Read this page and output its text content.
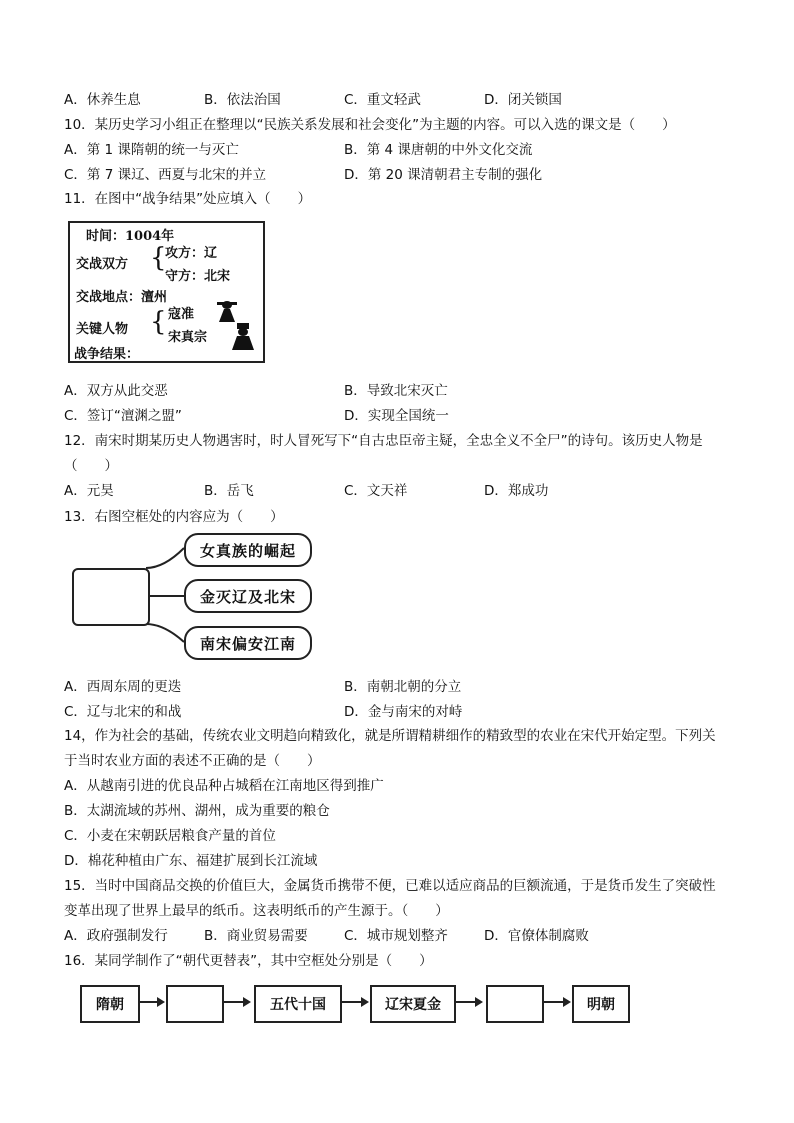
A．休养生息	B．依法治国	C．重文轻武	D．闭关锁国
10．某历史学习小组正在整理以“民族关系发展和社会变化”为主题的内容。可以入选的课文是（　　）
A．第 1 课隋朝的统一与灭亡	B．第 4 课唐朝的中外文化交流
C．第 7 课辽、西夏与北宋的并立	D．第 20 课清朝君主专制的强化
11．在图中“战争结果”处应填入（　　）
时间：1004年
交战双方 {
攻方：辽
守方：北宋
交战地点：澶州
关键人物 { 寇准
宋真宗
战争结果：
A．双方从此交恶	B．导致北宋灭亡
C．签订“澶渊之盟”	D．实现全国统一
12．南宋时期某历史人物遇害时，时人冒死写下“自古忠臣帝主疑，全忠全义不全尸”的诗句。该历史人物是
（　　）
A．元昊	B．岳飞	C．文天祥	D．郑成功
13．右图空框处的内容应为（　　）
女真族的崛起
金灭辽及北宋
南宋偏安江南
A．西周东周的更迭	B．南朝北朝的分立
C．辽与北宋的和战	D．金与南宋的对峙
14，作为社会的基础，传统农业文明趋向精致化，就是所谓精耕细作的精致型的农业在宋代开始定型。下列关
于当时农业方面的表述不正确的是（　　）
A．从越南引进的优良品种占城稻在江南地区得到推广
B．太湖流域的苏州、湖州，成为重要的粮仓
C．小麦在宋朝跃居粮食产量的首位
D．棉花种植由广东、福建扩展到长江流域
15．当时中国商品交换的价值巨大，金属货币携带不便，已难以适应商品的巨额流通，于是货币发生了突破性
变革出现了世界上最早的纸币。这表明纸币的产生源于。（　　）
A．政府强制发行	B．商业贸易需要	C．城市规划整齐	D．官僚体制腐败
16．某同学制作了“朝代更替表”，其中空框处分别是（　　）
隋朝	五代十国	辽宋夏金	明朝
